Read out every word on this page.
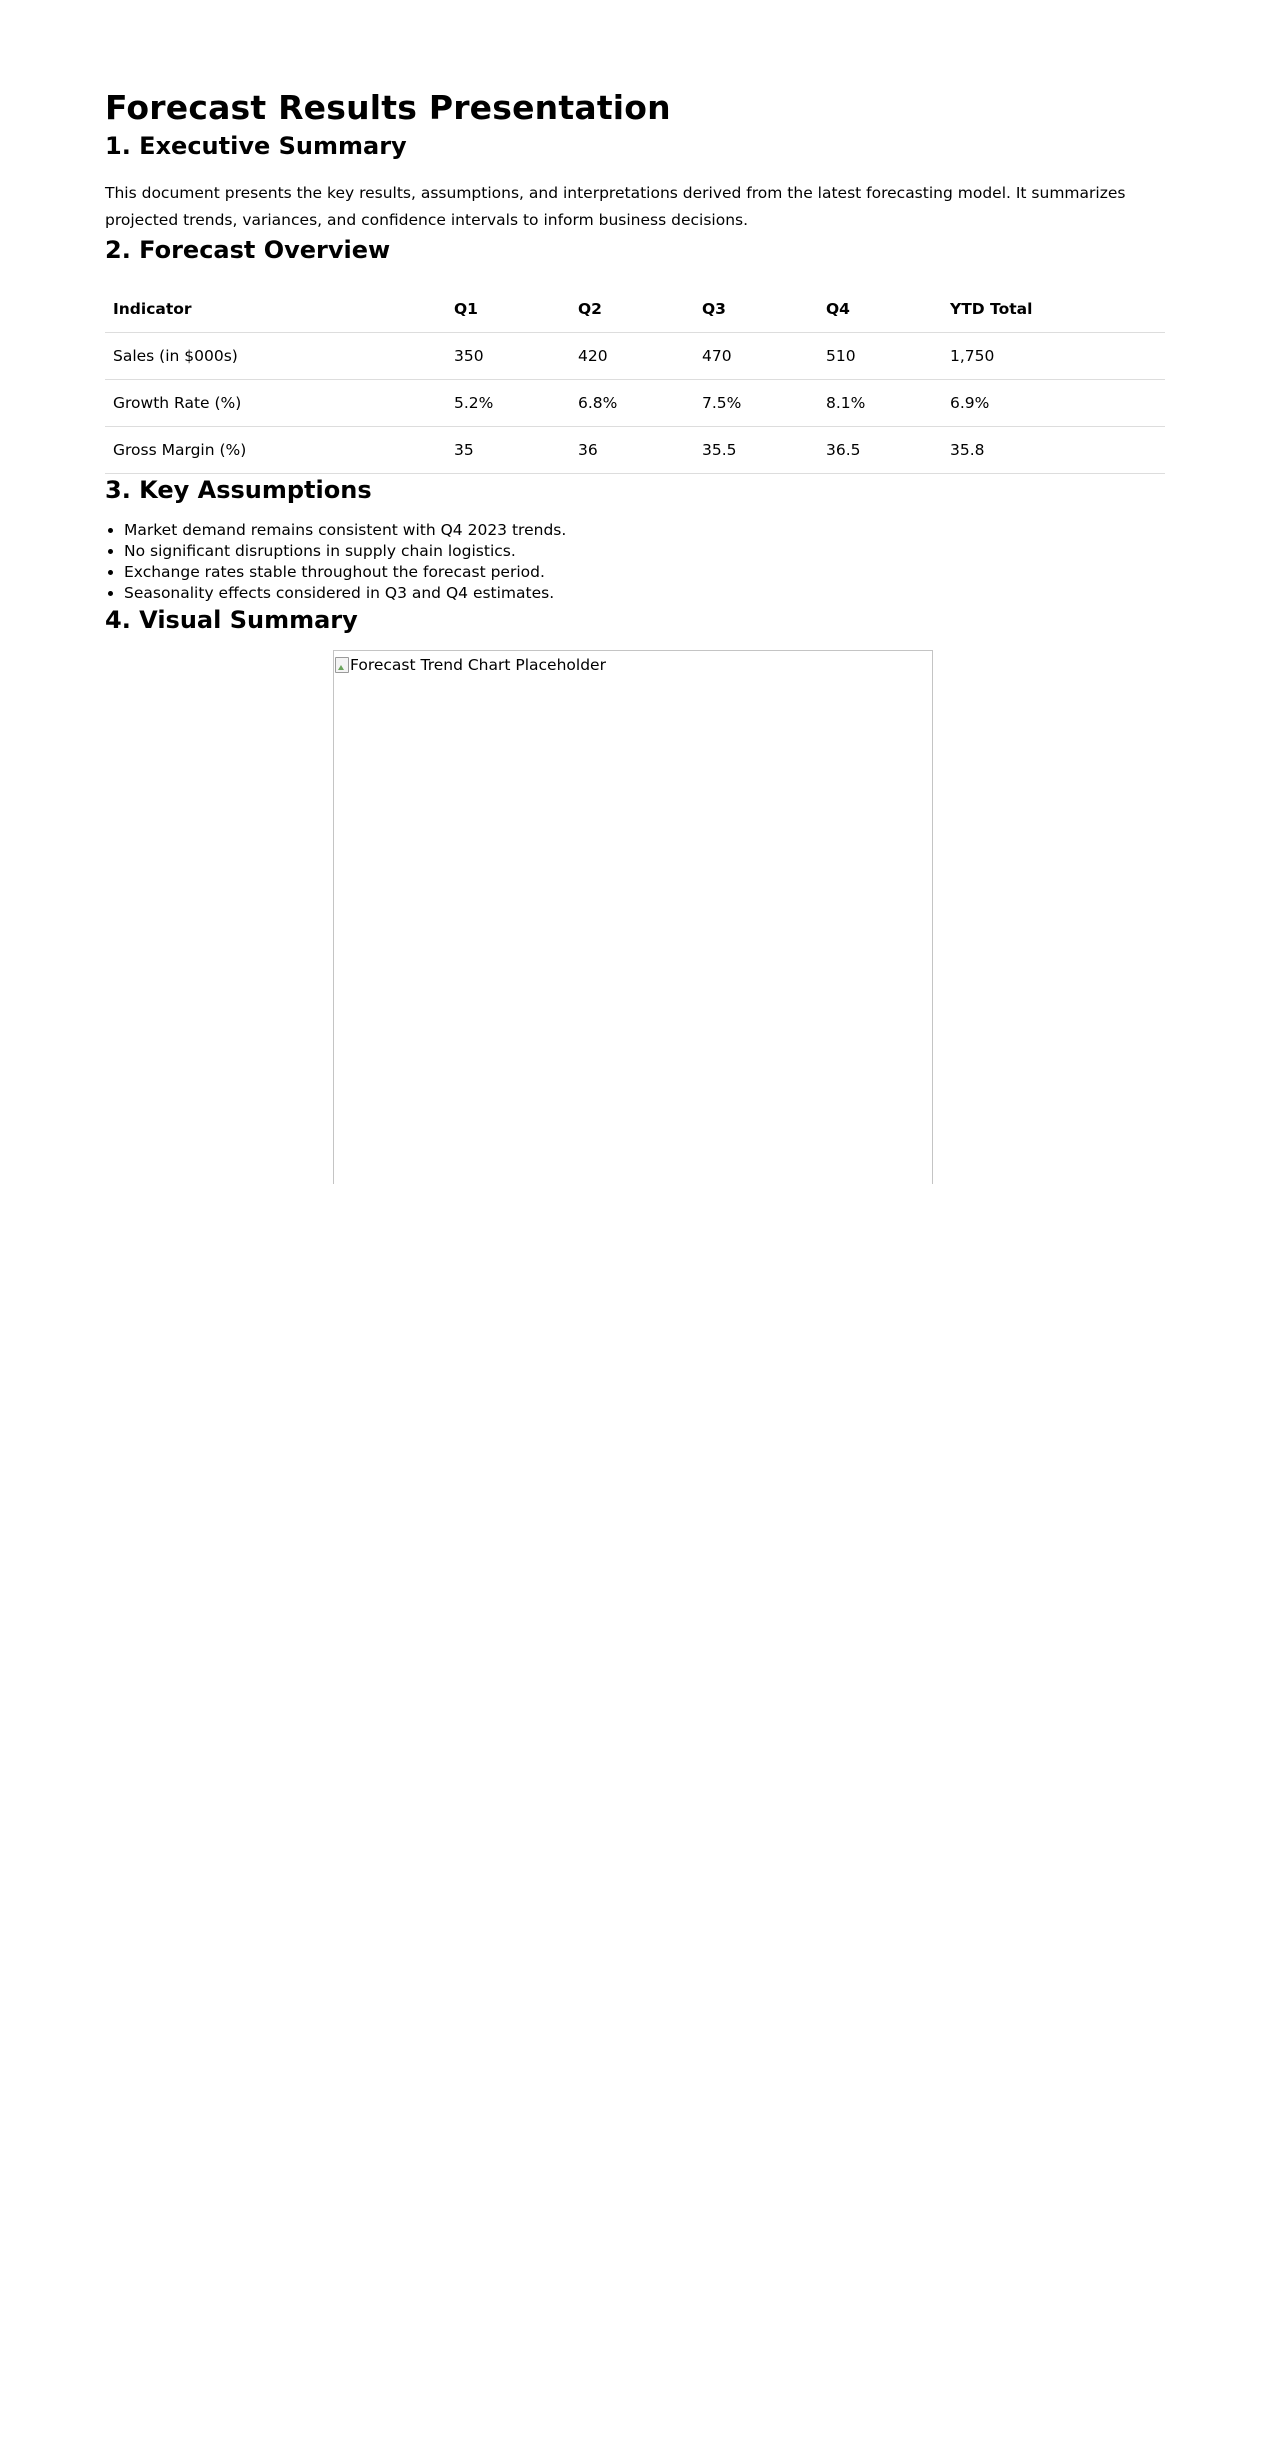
Forecast Results Presentation
1. Executive Summary

This document presents the key results, assumptions, and interpretations derived from the latest forecasting model. It summarizes projected trends, variances, and confidence intervals to inform business decisions.

2. Forecast Overview
Indicator	Q1	Q2	Q3	Q4	YTD Total
Sales (in $000s)	350	420	470	510	1,750
Growth Rate (%)	5.2%	6.8%	7.5%	8.1%	6.9%
Gross Margin (%)	35	36	35.5	36.5	35.8
3. Key Assumptions
• Market demand remains consistent with Q4 2023 trends.
• No significant disruptions in supply chain logistics.
• Exchange rates stable throughout the forecast period.
• Seasonality effects considered in Q3 and Q4 estimates.
4. Visual Summary
Forecast Trend Chart Placeholder
